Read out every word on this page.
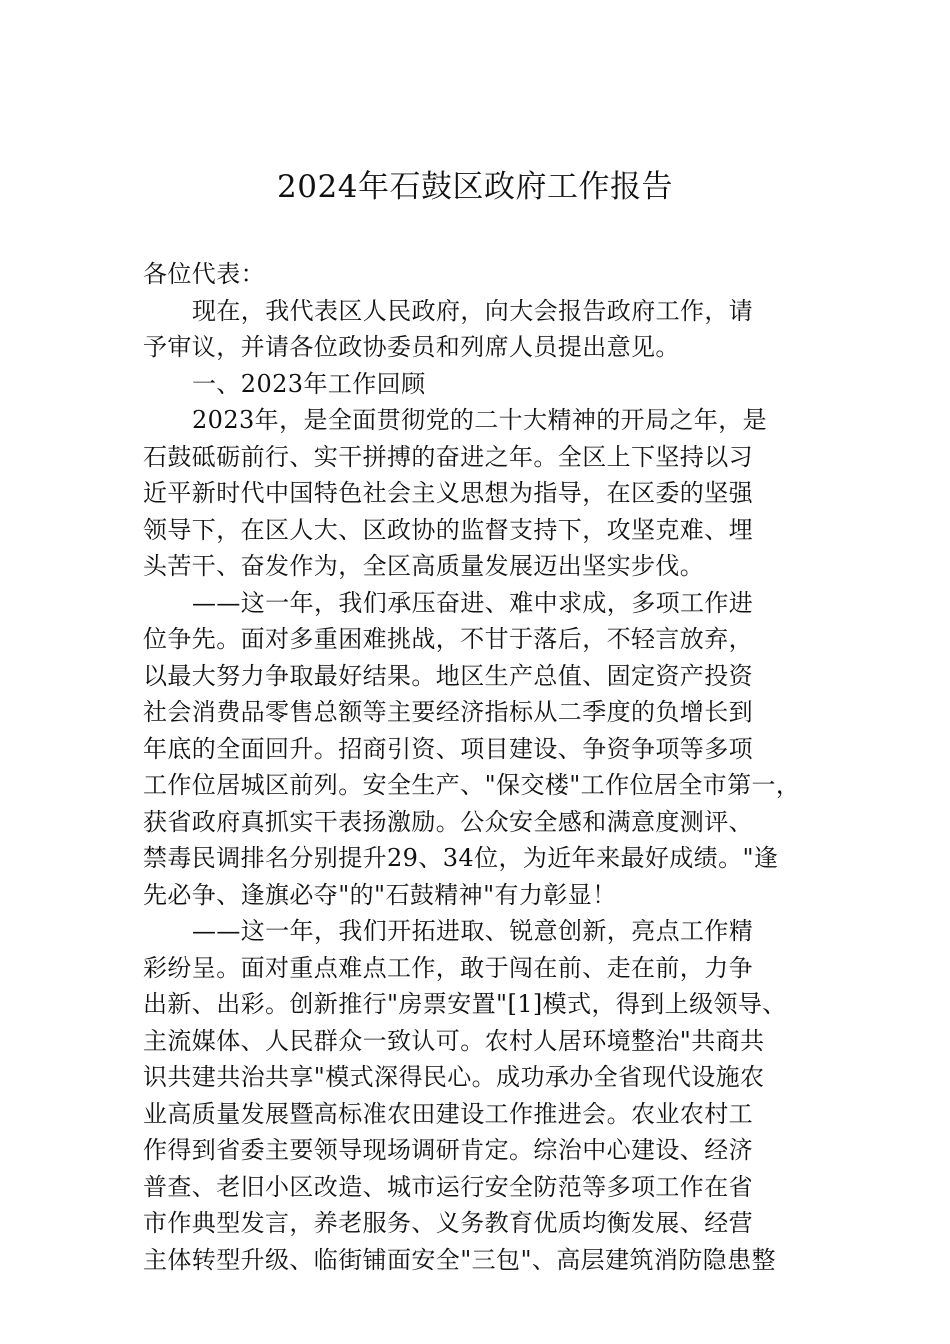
2024年石鼓区政府工作报告
各位代表：
现在，我代表区人民政府，向大会报告政府工作，请
予审议，并请各位政协委员和列席人员提出意见。
一、2023年工作回顾
2023年，是全面贯彻党的二十大精神的开局之年，是
石鼓砥砺前行、实干拼搏的奋进之年。全区上下坚持以习
近平新时代中国特色社会主义思想为指导，在区委的坚强
领导下，在区人大、区政协的监督支持下，攻坚克难、埋
头苦干、奋发作为，全区高质量发展迈出坚实步伐。
——这一年，我们承压奋进、难中求成，多项工作进
位争先。面对多重困难挑战，不甘于落后，不轻言放弃，
以最大努力争取最好结果。地区生产总值、固定资产投资
社会消费品零售总额等主要经济指标从二季度的负增长到
年底的全面回升。招商引资、项目建设、争资争项等多项
工作位居城区前列。安全生产、"保交楼"工作位居全市第一，
获省政府真抓实干表扬激励。公众安全感和满意度测评、
禁毒民调排名分别提升29、34位，为近年来最好成绩。"逢
先必争、逢旗必夺"的"石鼓精神"有力彰显！
——这一年，我们开拓进取、锐意创新，亮点工作精
彩纷呈。面对重点难点工作，敢于闯在前、走在前，力争
出新、出彩。创新推行"房票安置"[1]模式，得到上级领导、
主流媒体、人民群众一致认可。农村人居环境整治"共商共
识共建共治共享"模式深得民心。成功承办全省现代设施农
业高质量发展暨高标准农田建设工作推进会。农业农村工
作得到省委主要领导现场调研肯定。综治中心建设、经济
普查、老旧小区改造、城市运行安全防范等多项工作在省
市作典型发言，养老服务、义务教育优质均衡发展、经营
主体转型升级、临街铺面安全"三包"、高层建筑消防隐患整
